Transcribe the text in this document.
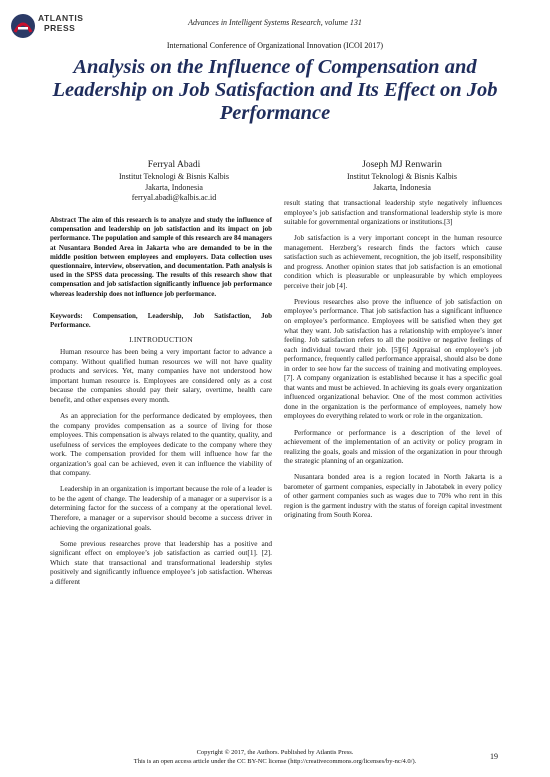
ATLANTIS
PRESS
Advances in Intelligent Systems Research, volume 131
International Conference of Organizational Innovation (ICOI 2017)
Analysis on the Influence of Compensation and Leadership on Job Satisfaction and Its Effect on Job Performance
Ferryal Abadi
Institut Teknologi & Bisnis Kalbis
Jakarta, Indonesia
ferryal.abadi@kalbis.ac.id
Joseph MJ Renwarin
Institut Teknologi & Bisnis Kalbis
Jakarta, Indonesia
Abstract The aim of this research is to analyze and study the influence of compensation and leadership on job satisfaction and its impact on job performance. The population and sample of this research are 84 managers at Nusantara Bonded Area in Jakarta who are demanded to be in the middle position between employees and employers. Data collection uses questionnaire, interview, observation, and documentation. Path analysis is used in the SPSS data processing. The results of this research show that compensation and job satisfaction significantly influence job performance whereas leadership does not influence job performance.
Keywords: Compensation, Leadership, Job Satisfaction, Job Performance.
I.INTRODUCTION

Human resource has been being a very important factor to advance a company. Without qualified human resources we will not have quality products and services. Yet, many companies have not understood how important human resource is. Employees are considered only as a cost because the companies should pay their salary, overtime, health care benefit, and other expenses every month.

As an appreciation for the performance dedicated by employees, then the company provides compensation as a source of living for those employees. This compensation is always related to the quantity, quality, and usefulness of services the employees dedicate to the company where they work. The compensation provided for them will influence how far the organization’s goal can be achieved, even it can influence the viability of that company.

Leadership in an organization is important because the role of a leader is to be the agent of change. The leadership of a manager or a supervisor is a determining factor for the success of a company at the operational level. Therefore, a manager or a supervisor should become a success driver in achieving the organizational goals.

Some previous researches prove that leadership has a positive and significant effect on employee’s job satisfaction as carried out[1]. [2]. Which state that transactional and transformational leadership styles positively and significantly influence employee’s job satisfaction. Whereas a different

result stating that transactional leadership style negatively influences employee’s job satisfaction and transformational leadership style is more suitable for governmental organizations or institutions.[3]

Job satisfaction is a very important concept in the human resource management. Herzberg’s research finds the factors which cause satisfaction such as achievement, recognition, the job itself, responsibility and progress. Another opinion states that job satisfaction is an emotional condition which is pleasurable or unpleasurable by which employees perceive their job [4].

Previous researches also prove the influence of job satisfaction on employee’s performance. That job satisfaction has a significant influence on employee’s performance. Employees will be satisfied when they get what they want. Job satisfaction has a relationship with employee’s inner feeling. Job satisfaction refers to all the positive or negative feelings of each individual toward their job. [5][6] Appraisal on employee’s job performance, frequently called performance appraisal, should also be done in order to see how far the success of training and motivating employees. [7]. A company organization is established because it has a specific goal that wants and must be achieved. In achieving its goals every organization influenced organizational behavior. One of the most common activities done in the organization is the performance of employees, namely how employees do everything related to work or role in the organization.

Performance or performance is a description of the level of achievement of the implementation of an activity or policy program in realizing the goals, goals and mission of the organization in pour through the strategic planning of an organization.

Nusantara bonded area is a region located in North Jakarta is a barometer of garment companies, especially in Jabotabek in every policy of other garment companies such as wages due to 70% who rent in this region is the garment industry with the status of foreign capital investment originating from South Korea.

Copyright © 2017, the Authors. Published by Atlantis Press.
This is an open access article under the CC BY-NC license (http://creativecommons.org/licenses/by-nc/4.0/).
19
